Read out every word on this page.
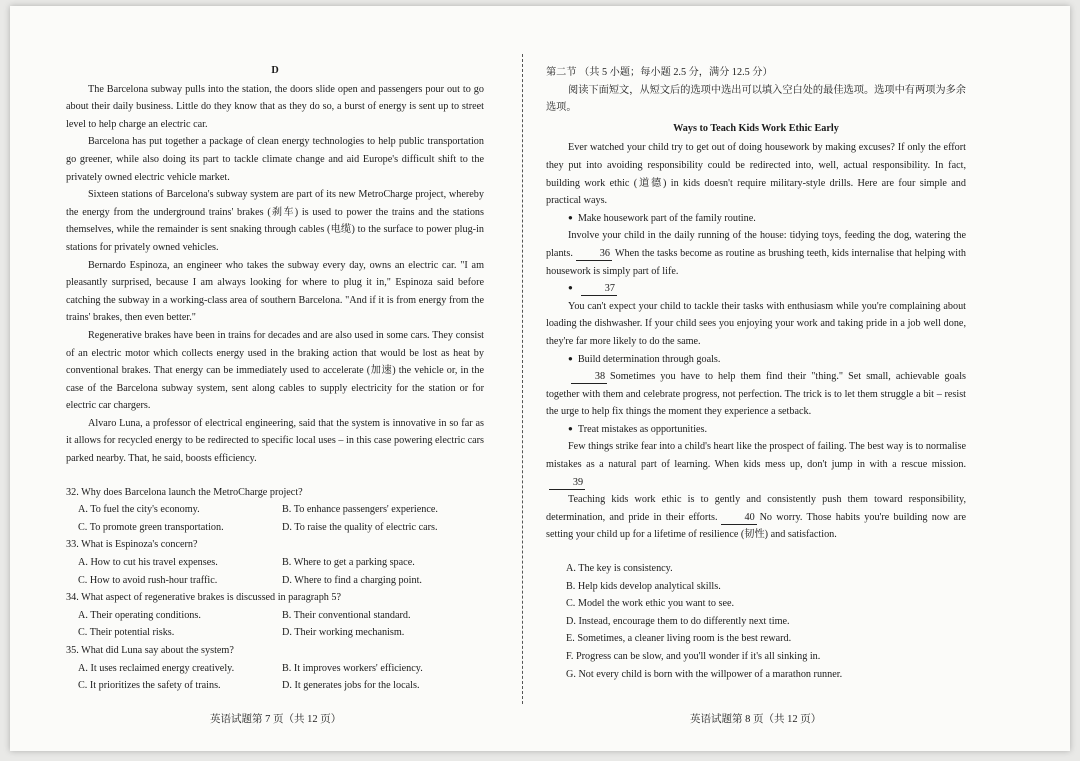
D

The Barcelona subway pulls into the station, the doors slide open and passengers pour out to go about their daily business. Little do they know that as they do so, a burst of energy is sent up to street level to help charge an electric car.

Barcelona has put together a package of clean energy technologies to help public transportation go greener, while also doing its part to tackle climate change and aid Europe's difficult shift to the privately owned electric vehicle market.

Sixteen stations of Barcelona's subway system are part of its new MetroCharge project, whereby the energy from the underground trains' brakes (刹车) is used to power the trains and the stations themselves, while the remainder is sent snaking through cables (电缆) to the surface to power plug-in stations for privately owned vehicles.

Bernardo Espinoza, an engineer who takes the subway every day, owns an electric car. "I am pleasantly surprised, because I am always looking for where to plug it in," Espinoza said before catching the subway in a working-class area of southern Barcelona. "And if it is from energy from the trains' brakes, then even better."

Regenerative brakes have been in trains for decades and are also used in some cars. They consist of an electric motor which collects energy used in the braking action that would be lost as heat by conventional brakes. That energy can be immediately used to accelerate (加速) the vehicle or, in the case of the Barcelona subway system, sent along cables to supply electricity for the station or for electric car chargers.

Alvaro Luna, a professor of electrical engineering, said that the system is innovative in so far as it allows for recycled energy to be redirected to specific local uses – in this case powering electric cars parked nearby. That, he said, boosts efficiency.

32. Why does Barcelona launch the MetroCharge project?
A. To fuel the city's economy.	B. To enhance passengers' experience.
C. To promote green transportation.	D. To raise the quality of electric cars.
33. What is Espinoza's concern?
A. How to cut his travel expenses.	B. Where to get a parking space.
C. How to avoid rush-hour traffic.	D. Where to find a charging point.
34. What aspect of regenerative brakes is discussed in paragraph 5?
A. Their operating conditions.	B. Their conventional standard.
C. Their potential risks.	D. Their working mechanism.
35. What did Luna say about the system?
A. It uses reclaimed energy creatively.	B. It improves workers' efficiency.
C. It prioritizes the safety of trains.	D. It generates jobs for the locals.
英语试题第 7 页（共 12 页）
第二节 （共 5 小题；每小题 2.5 分，满分 12.5 分）

阅读下面短文，从短文后的选项中选出可以填入空白处的最佳选项。选项中有两项为多余选项。

Ways to Teach Kids Work Ethic Early

Ever watched your child try to get out of doing housework by making excuses? If only the effort they put into avoiding responsibility could be redirected into, well, actual responsibility. In fact, building work ethic (道德) in kids doesn't require military-style drills. Here are four simple and practical ways.

● Make housework part of the family routine.

Involve your child in the daily running of the house: tidying toys, feeding the dog, watering the plants.	36 When the tasks become as routine as brushing teeth, kids internalise that helping with housework is simply part of life.

● 37

You can't expect your child to tackle their tasks with enthusiasm while you're complaining about loading the dishwasher. If your child sees you enjoying your work and taking pride in a job well done, they're far more likely to do the same.

● Build determination through goals.

38 Sometimes you have to help them find their "thing." Set small, achievable goals together with them and celebrate progress, not perfection. The trick is to let them struggle a bit – resist the urge to help fix things the moment they experience a setback.

● Treat mistakes as opportunities.

Few things strike fear into a child's heart like the prospect of failing. The best way is to normalise mistakes as a natural part of learning. When kids mess up, don't jump in with a rescue mission.39

Teaching kids work ethic is to gently and consistently push them toward responsibility, determination, and pride in their efforts.	40 No worry. Those habits you're building now are setting your child up for a lifetime of resilience (韧性) and satisfaction.

A. The key is consistency.
B. Help kids develop analytical skills.
C. Model the work ethic you want to see.
D. Instead, encourage them to do differently next time.
E. Sometimes, a cleaner living room is the best reward.
F. Progress can be slow, and you'll wonder if it's all sinking in.
G. Not every child is born with the willpower of a marathon runner.
英语试题第 8 页（共 12 页）
